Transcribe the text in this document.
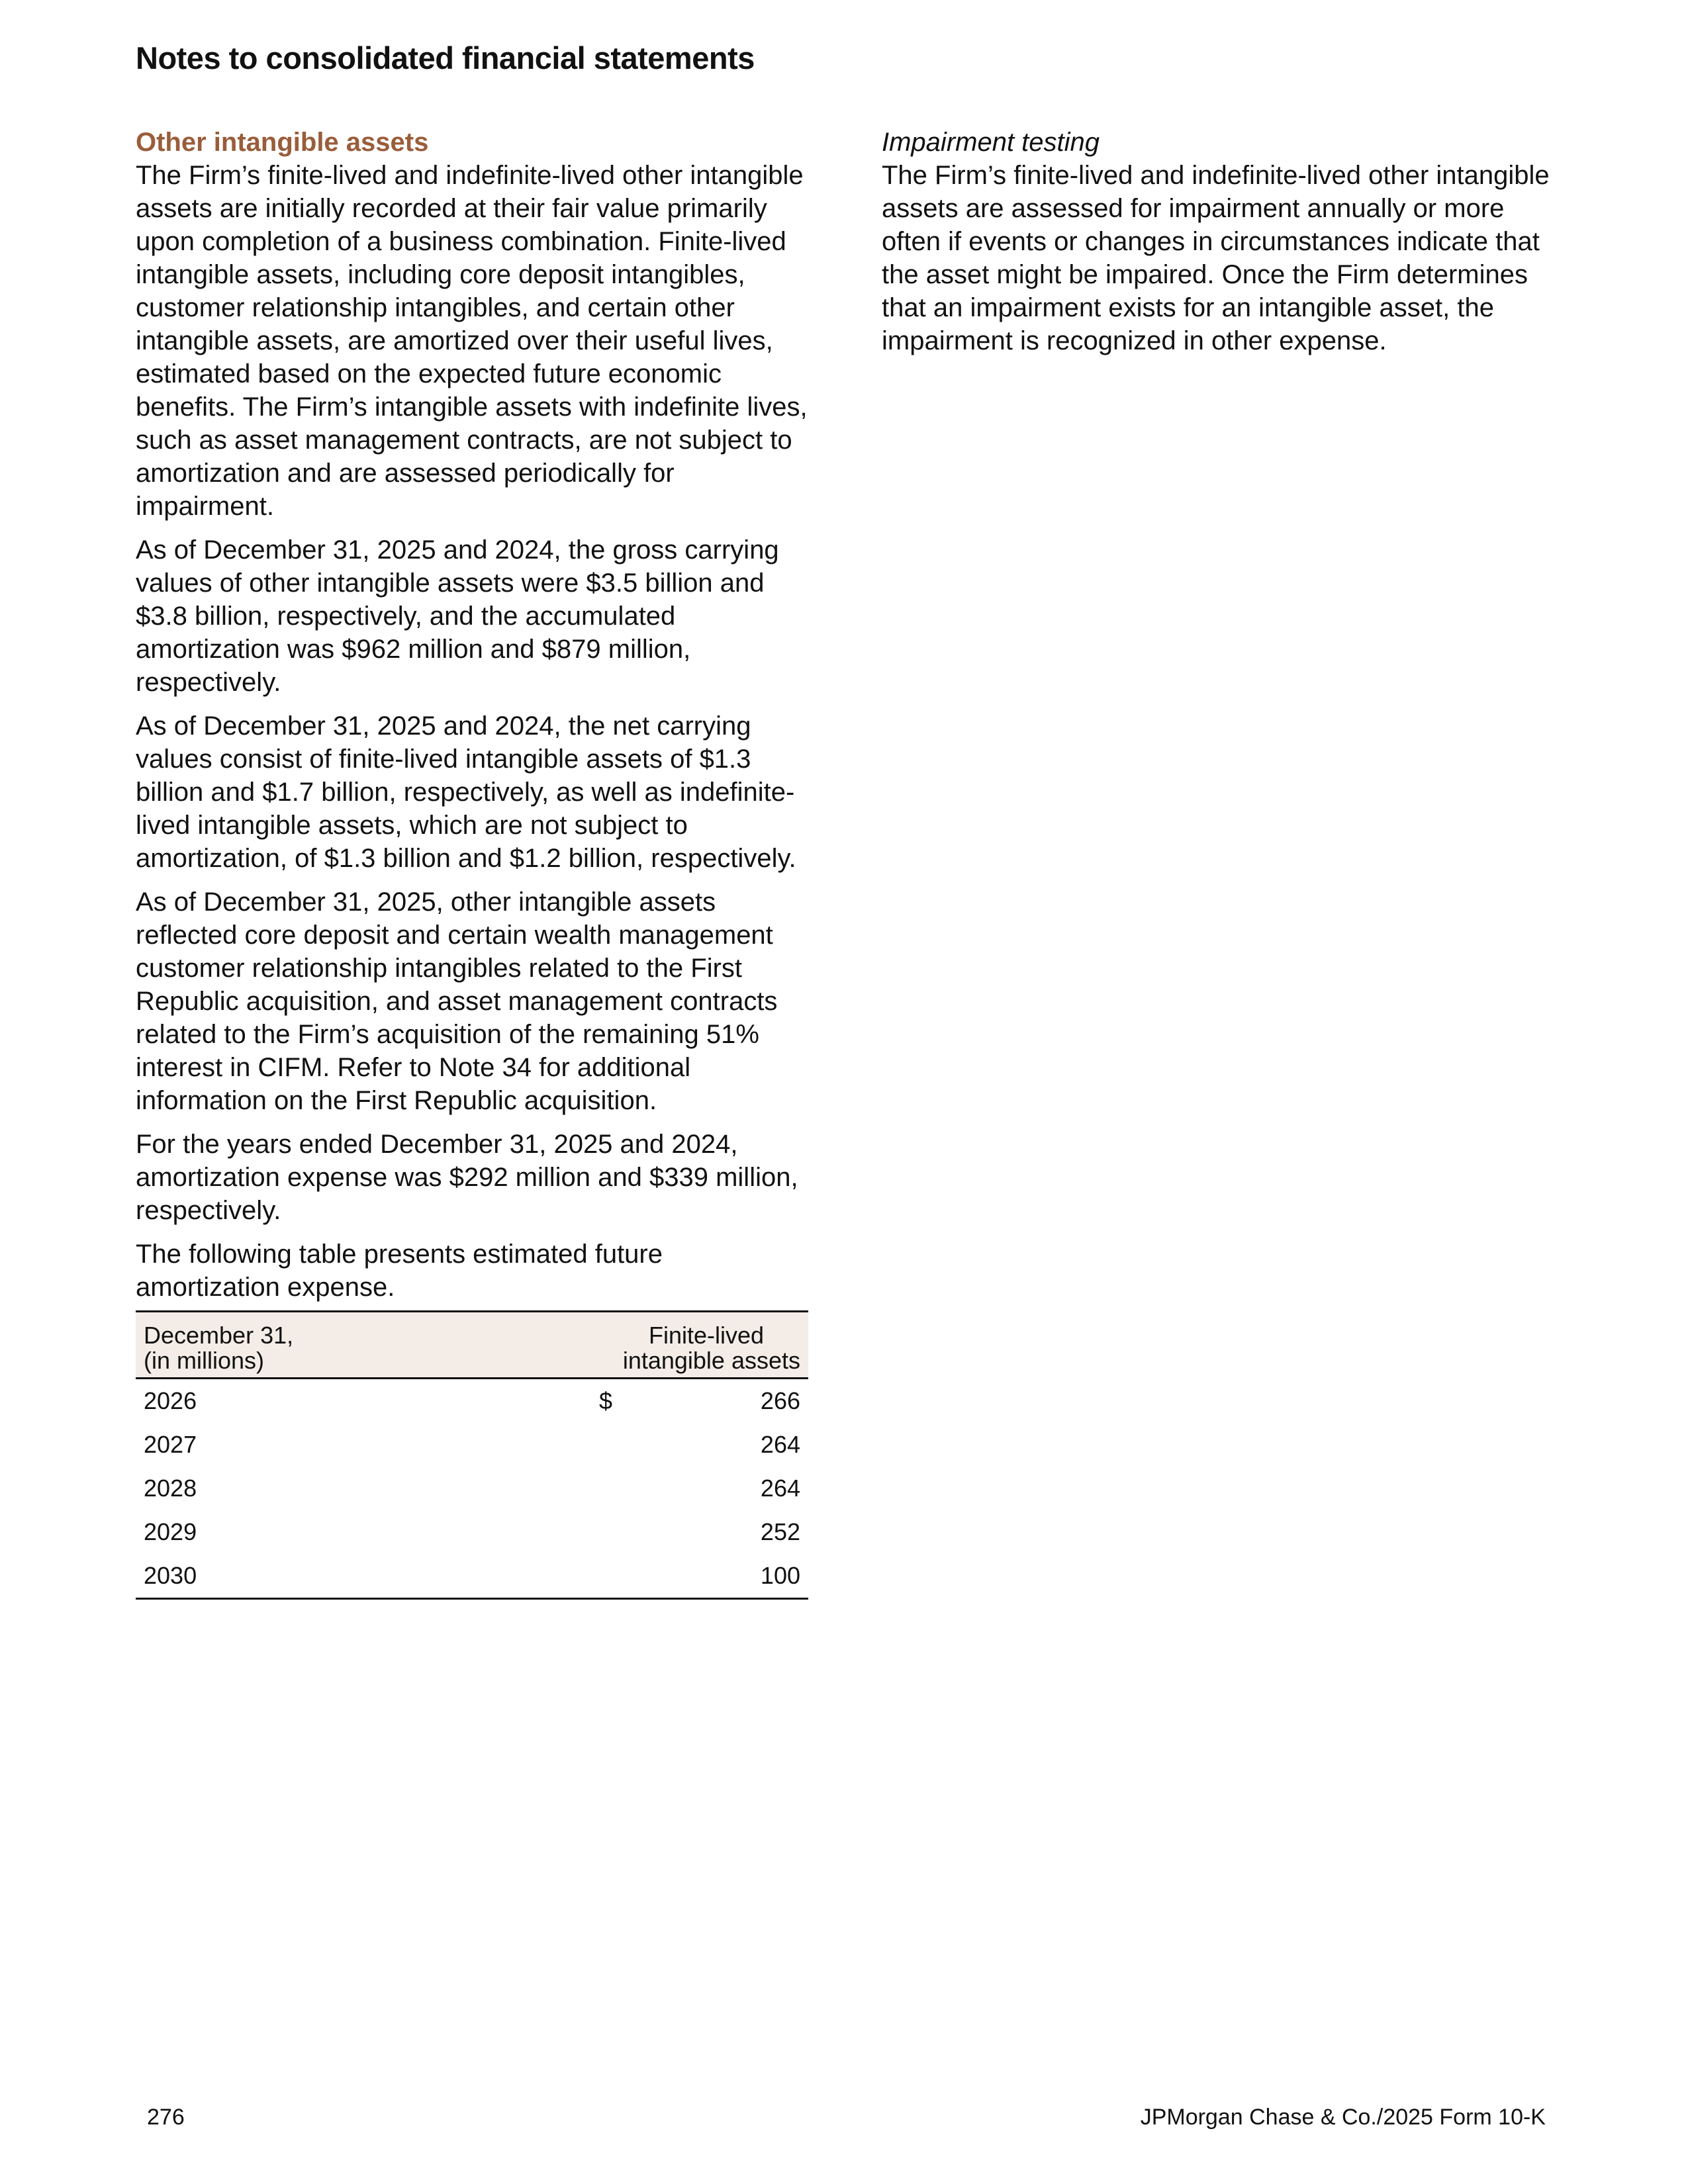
Notes to consolidated financial statements
Other intangible assets

The Firm’s finite-lived and indefinite-lived other intangible assets are initially recorded at their fair value primarily upon completion of a business combination. Finite-lived intangible assets, including core deposit intangibles, customer relationship intangibles, and certain other intangible assets, are amortized over their useful lives, estimated based on the expected future economic benefits. The Firm’s intangible assets with indefinite lives, such as asset management contracts, are not subject to amortization and are assessed periodically for impairment.

As of December 31, 2025 and 2024, the gross carrying values of other intangible assets were $3.5 billion and $3.8 billion, respectively, and the accumulated amortization was $962 million and $879 million, respectively.

As of December 31, 2025 and 2024, the net carrying values consist of finite-lived intangible assets of $1.3 billion and $1.7 billion, respectively, as well as indefinite-lived intangible assets, which are not subject to amortization, of $1.3 billion and $1.2 billion, respectively.

As of December 31, 2025, other intangible assets reflected core deposit and certain wealth management customer relationship intangibles related to the First Republic acquisition, and asset management contracts related to the Firm’s acquisition of the remaining 51% interest in CIFM. Refer to Note 34 for additional information on the First Republic acquisition.

For the years ended December 31, 2025 and 2024, amortization expense was $292 million and $339 million, respectively.

The following table presents estimated future amortization expense.

December 31,
(in millions)	Finite-lived
intangible assets	

2026	$	266
2027		264
2028		264
2029		252
2030		100
Impairment testing

The Firm’s finite-lived and indefinite-lived other intangible assets are assessed for impairment annually or more often if events or changes in circumstances indicate that the asset might be impaired. Once the Firm determines that an impairment exists for an intangible asset, the impairment is recognized in other expense.

276	JPMorgan Chase & Co./2025 Form 10-K
